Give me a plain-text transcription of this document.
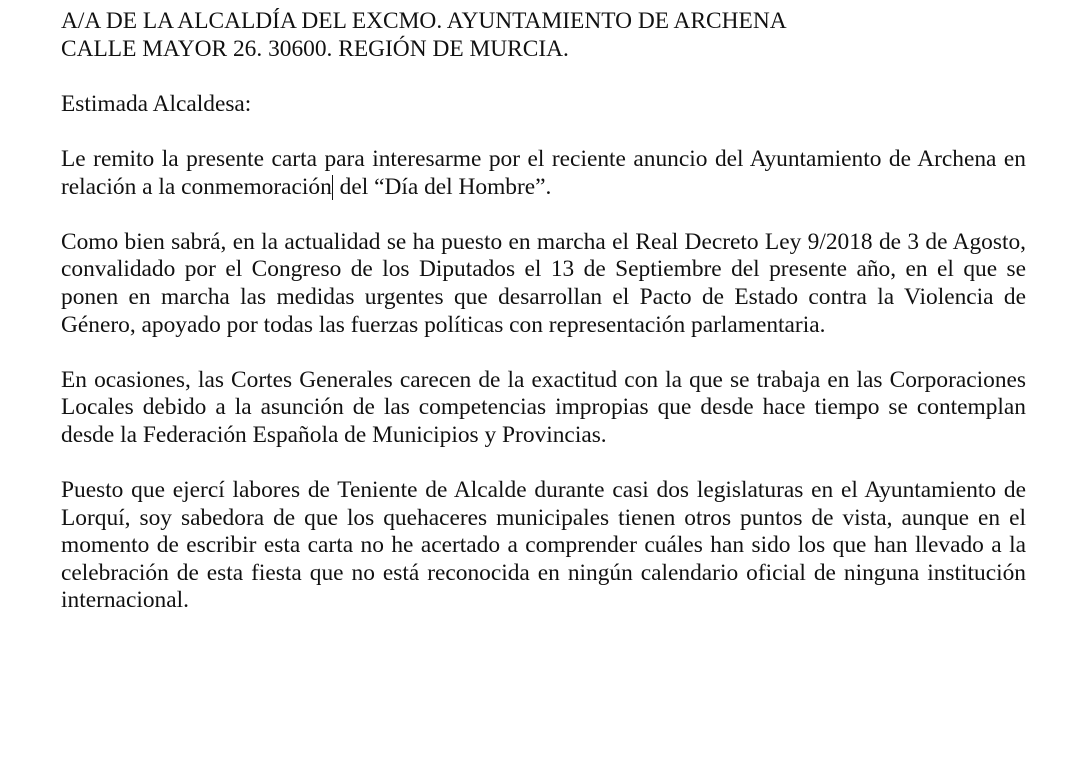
A/A DE LA ALCALDÍA DEL EXCMO. AYUNTAMIENTO DE ARCHENA
CALLE MAYOR 26. 30600. REGIÓN DE MURCIA.

Estimada Alcaldesa:

Le remito la presente carta para interesarme por el reciente anuncio del Ayuntamiento de Archena en relación a la conmemoración del “Día del Hombre”.

Como bien sabrá, en la actualidad se ha puesto en marcha el Real Decreto Ley 9/2018 de 3 de Agosto, convalidado por el Congreso de los Diputados el 13 de Septiembre del presente año, en el que se ponen en marcha las medidas urgentes que desarrollan el Pacto de Estado contra la Violencia de Género, apoyado por todas las fuerzas políticas con representación parlamentaria.

En ocasiones, las Cortes Generales carecen de la exactitud con la que se trabaja en las Corporaciones Locales debido a la asunción de las competencias impropias que desde hace tiempo se contemplan desde la Federación Española de Municipios y Provincias.

Puesto que ejercí labores de Teniente de Alcalde durante casi dos legislaturas en el Ayuntamiento de Lorquí, soy sabedora de que los quehaceres municipales tienen otros puntos de vista, aunque en el momento de escribir esta carta no he acertado a comprender cuáles han sido los que han llevado a la celebración de esta fiesta que no está reconocida en ningún calendario oficial de ninguna institución internacional.
